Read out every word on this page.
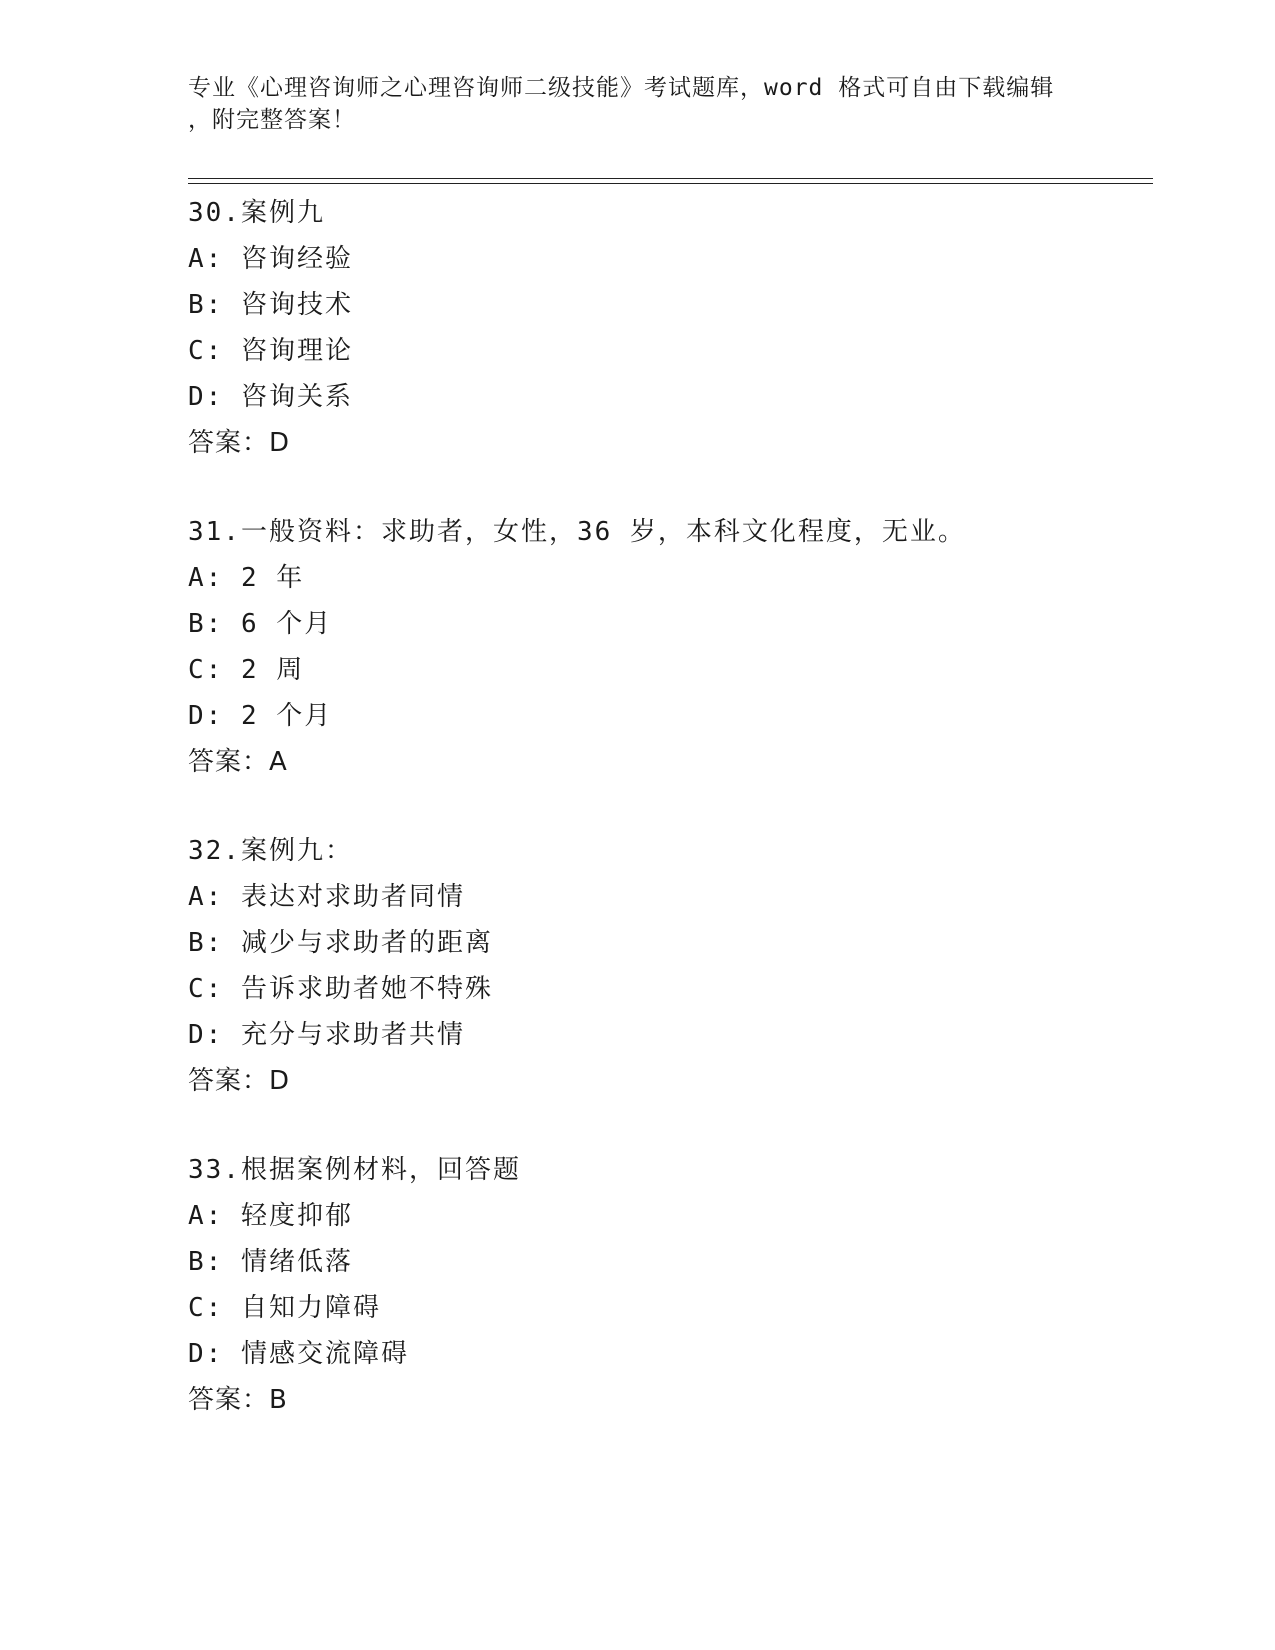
专业《心理咨询师之心理咨询师二级技能》考试题库，word 格式可自由下载编辑
，附完整答案！
30.案例九
A: 咨询经验
B: 咨询技术
C: 咨询理论
D: 咨询关系
答案：D
31.一般资料：求助者，女性，36 岁，本科文化程度，无业。
A: 2 年
B: 6 个月
C: 2 周
D: 2 个月
答案：A
32.案例九：
A: 表达对求助者同情
B: 减少与求助者的距离
C: 告诉求助者她不特殊
D: 充分与求助者共情
答案：D
33.根据案例材料，回答题
A: 轻度抑郁
B: 情绪低落
C: 自知力障碍
D: 情感交流障碍
答案：B
